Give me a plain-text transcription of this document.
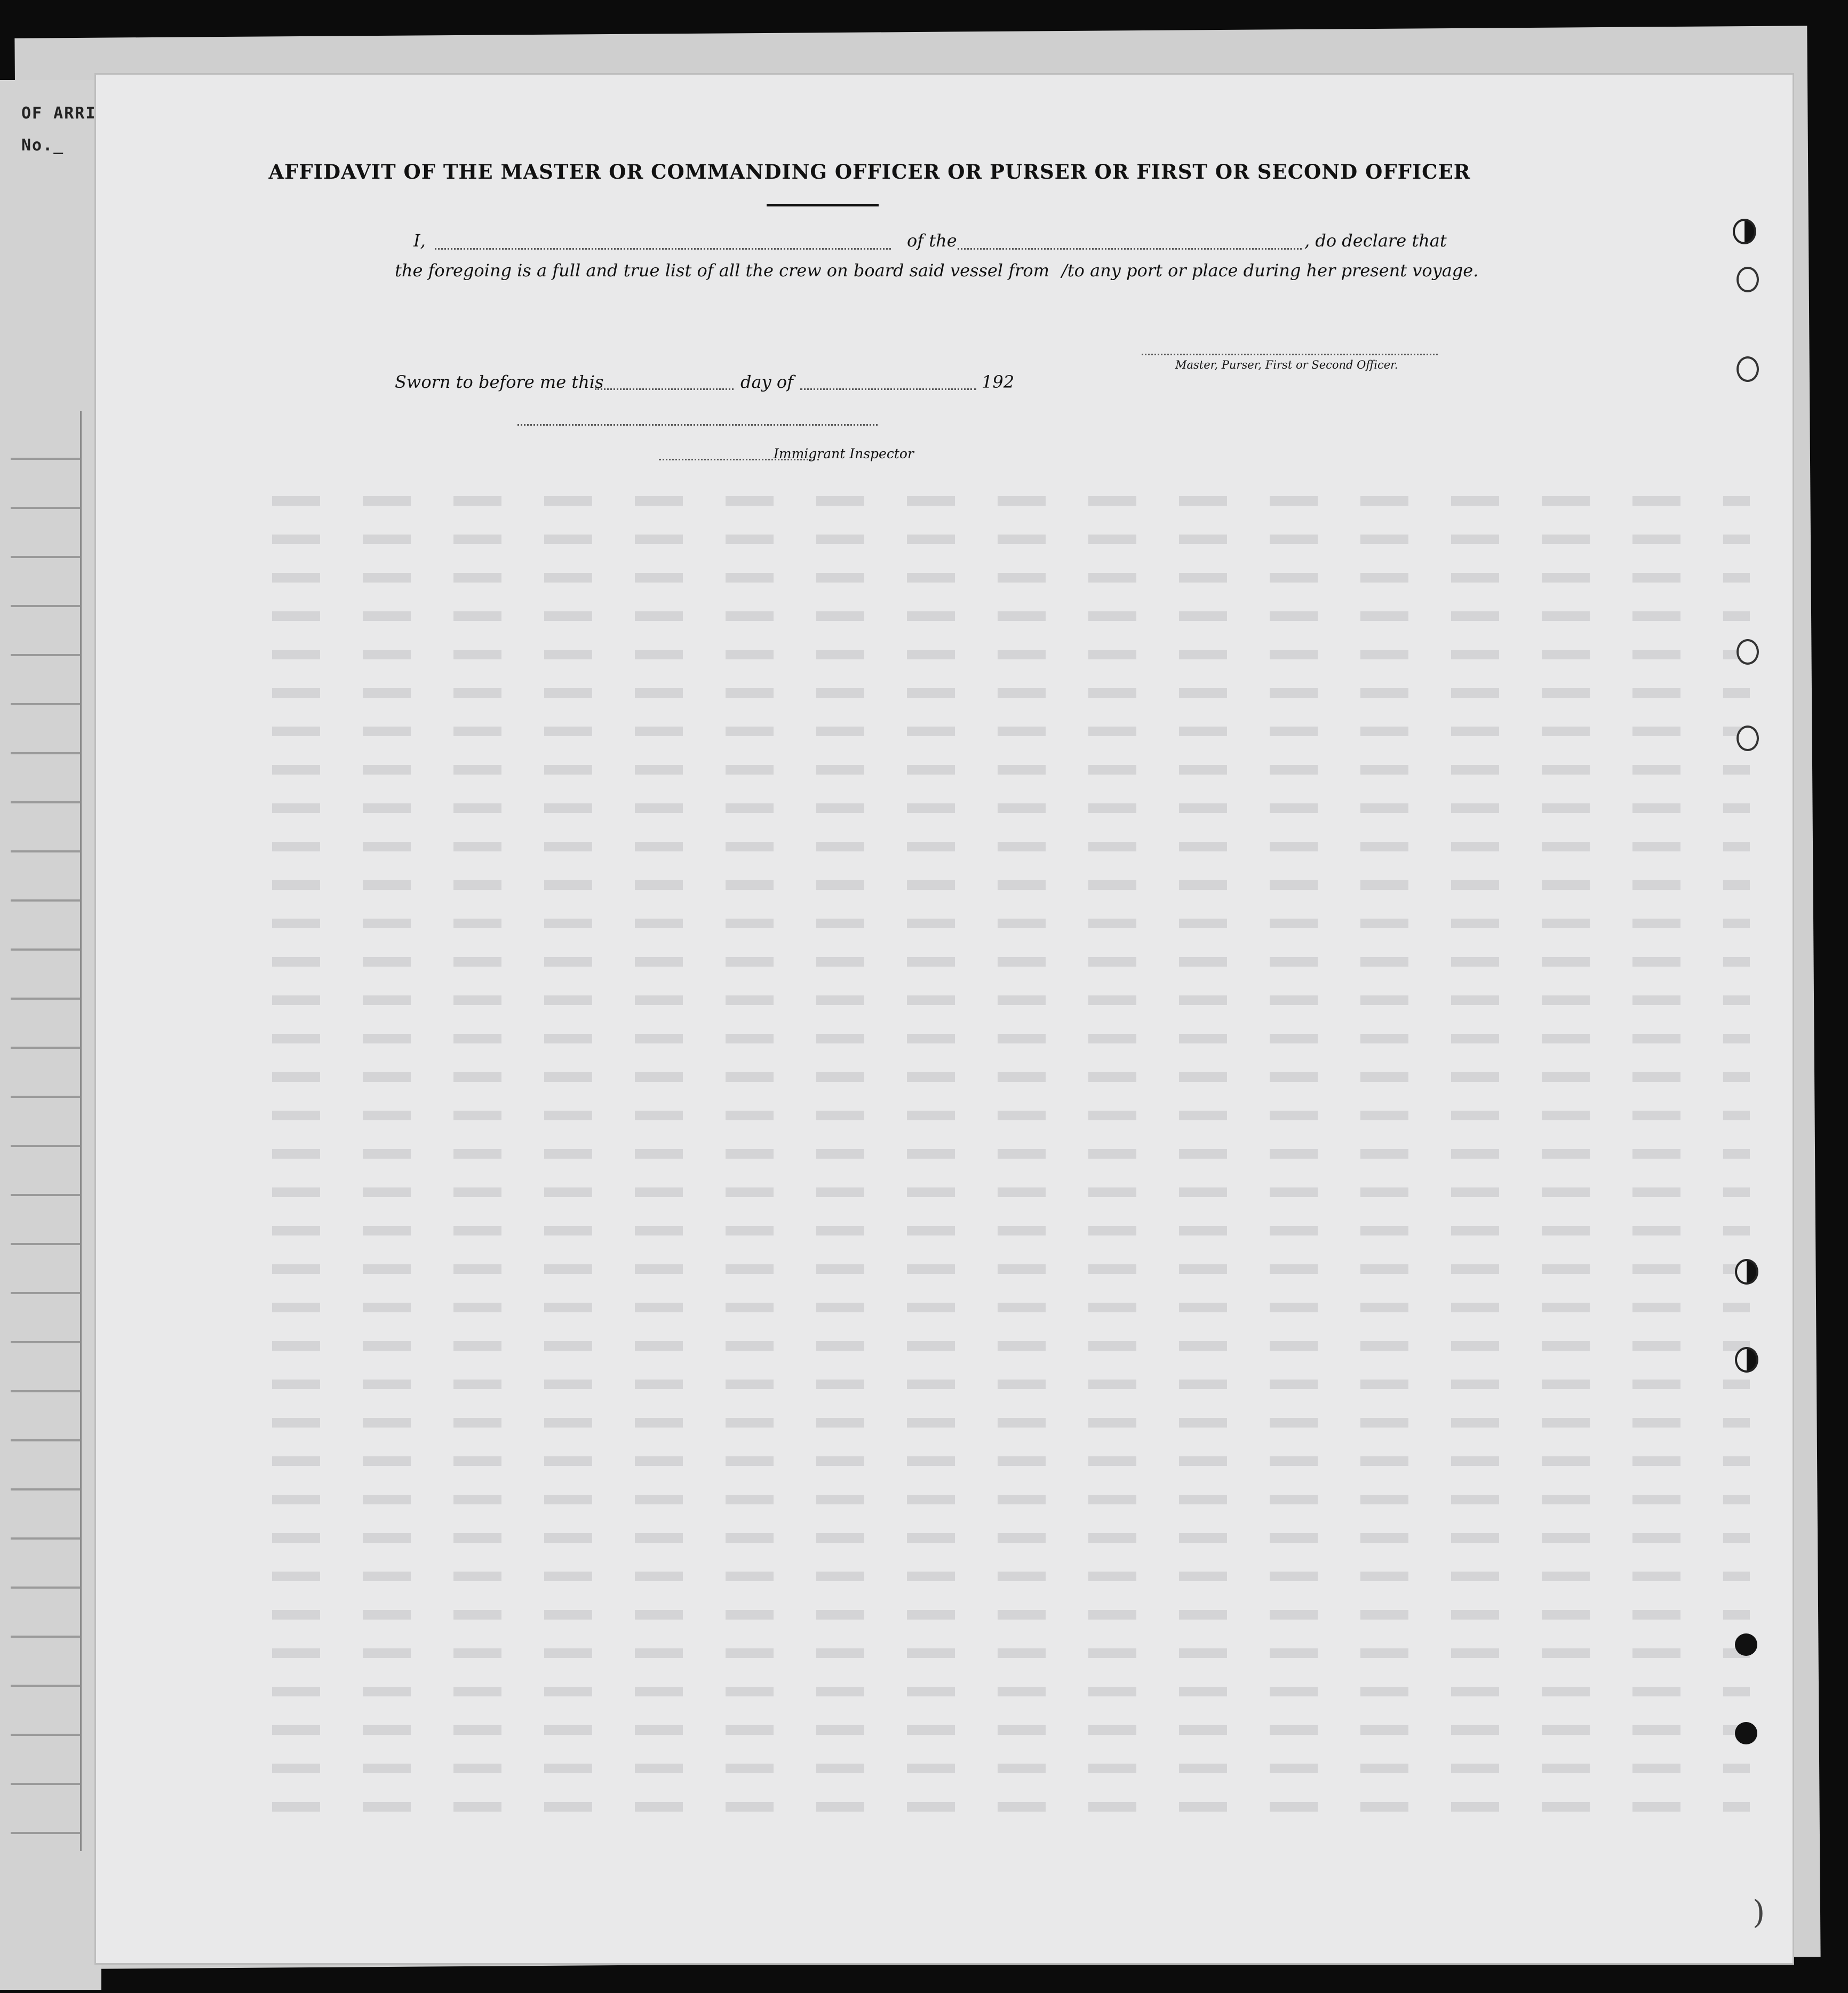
OF ARRI
No._
AFFIDAVIT OF THE MASTER OR COMMANDING OFFICER OR PURSER OR FIRST OR SECOND OFFICER
I,	of the	, do declare that
the foregoing is a full and true list of all the crew on board said vessel from /to any port or place during her present voyage.
Master, Purser, First or Second Officer.
Sworn to before me this	day of	192
Immigrant Inspector
)
